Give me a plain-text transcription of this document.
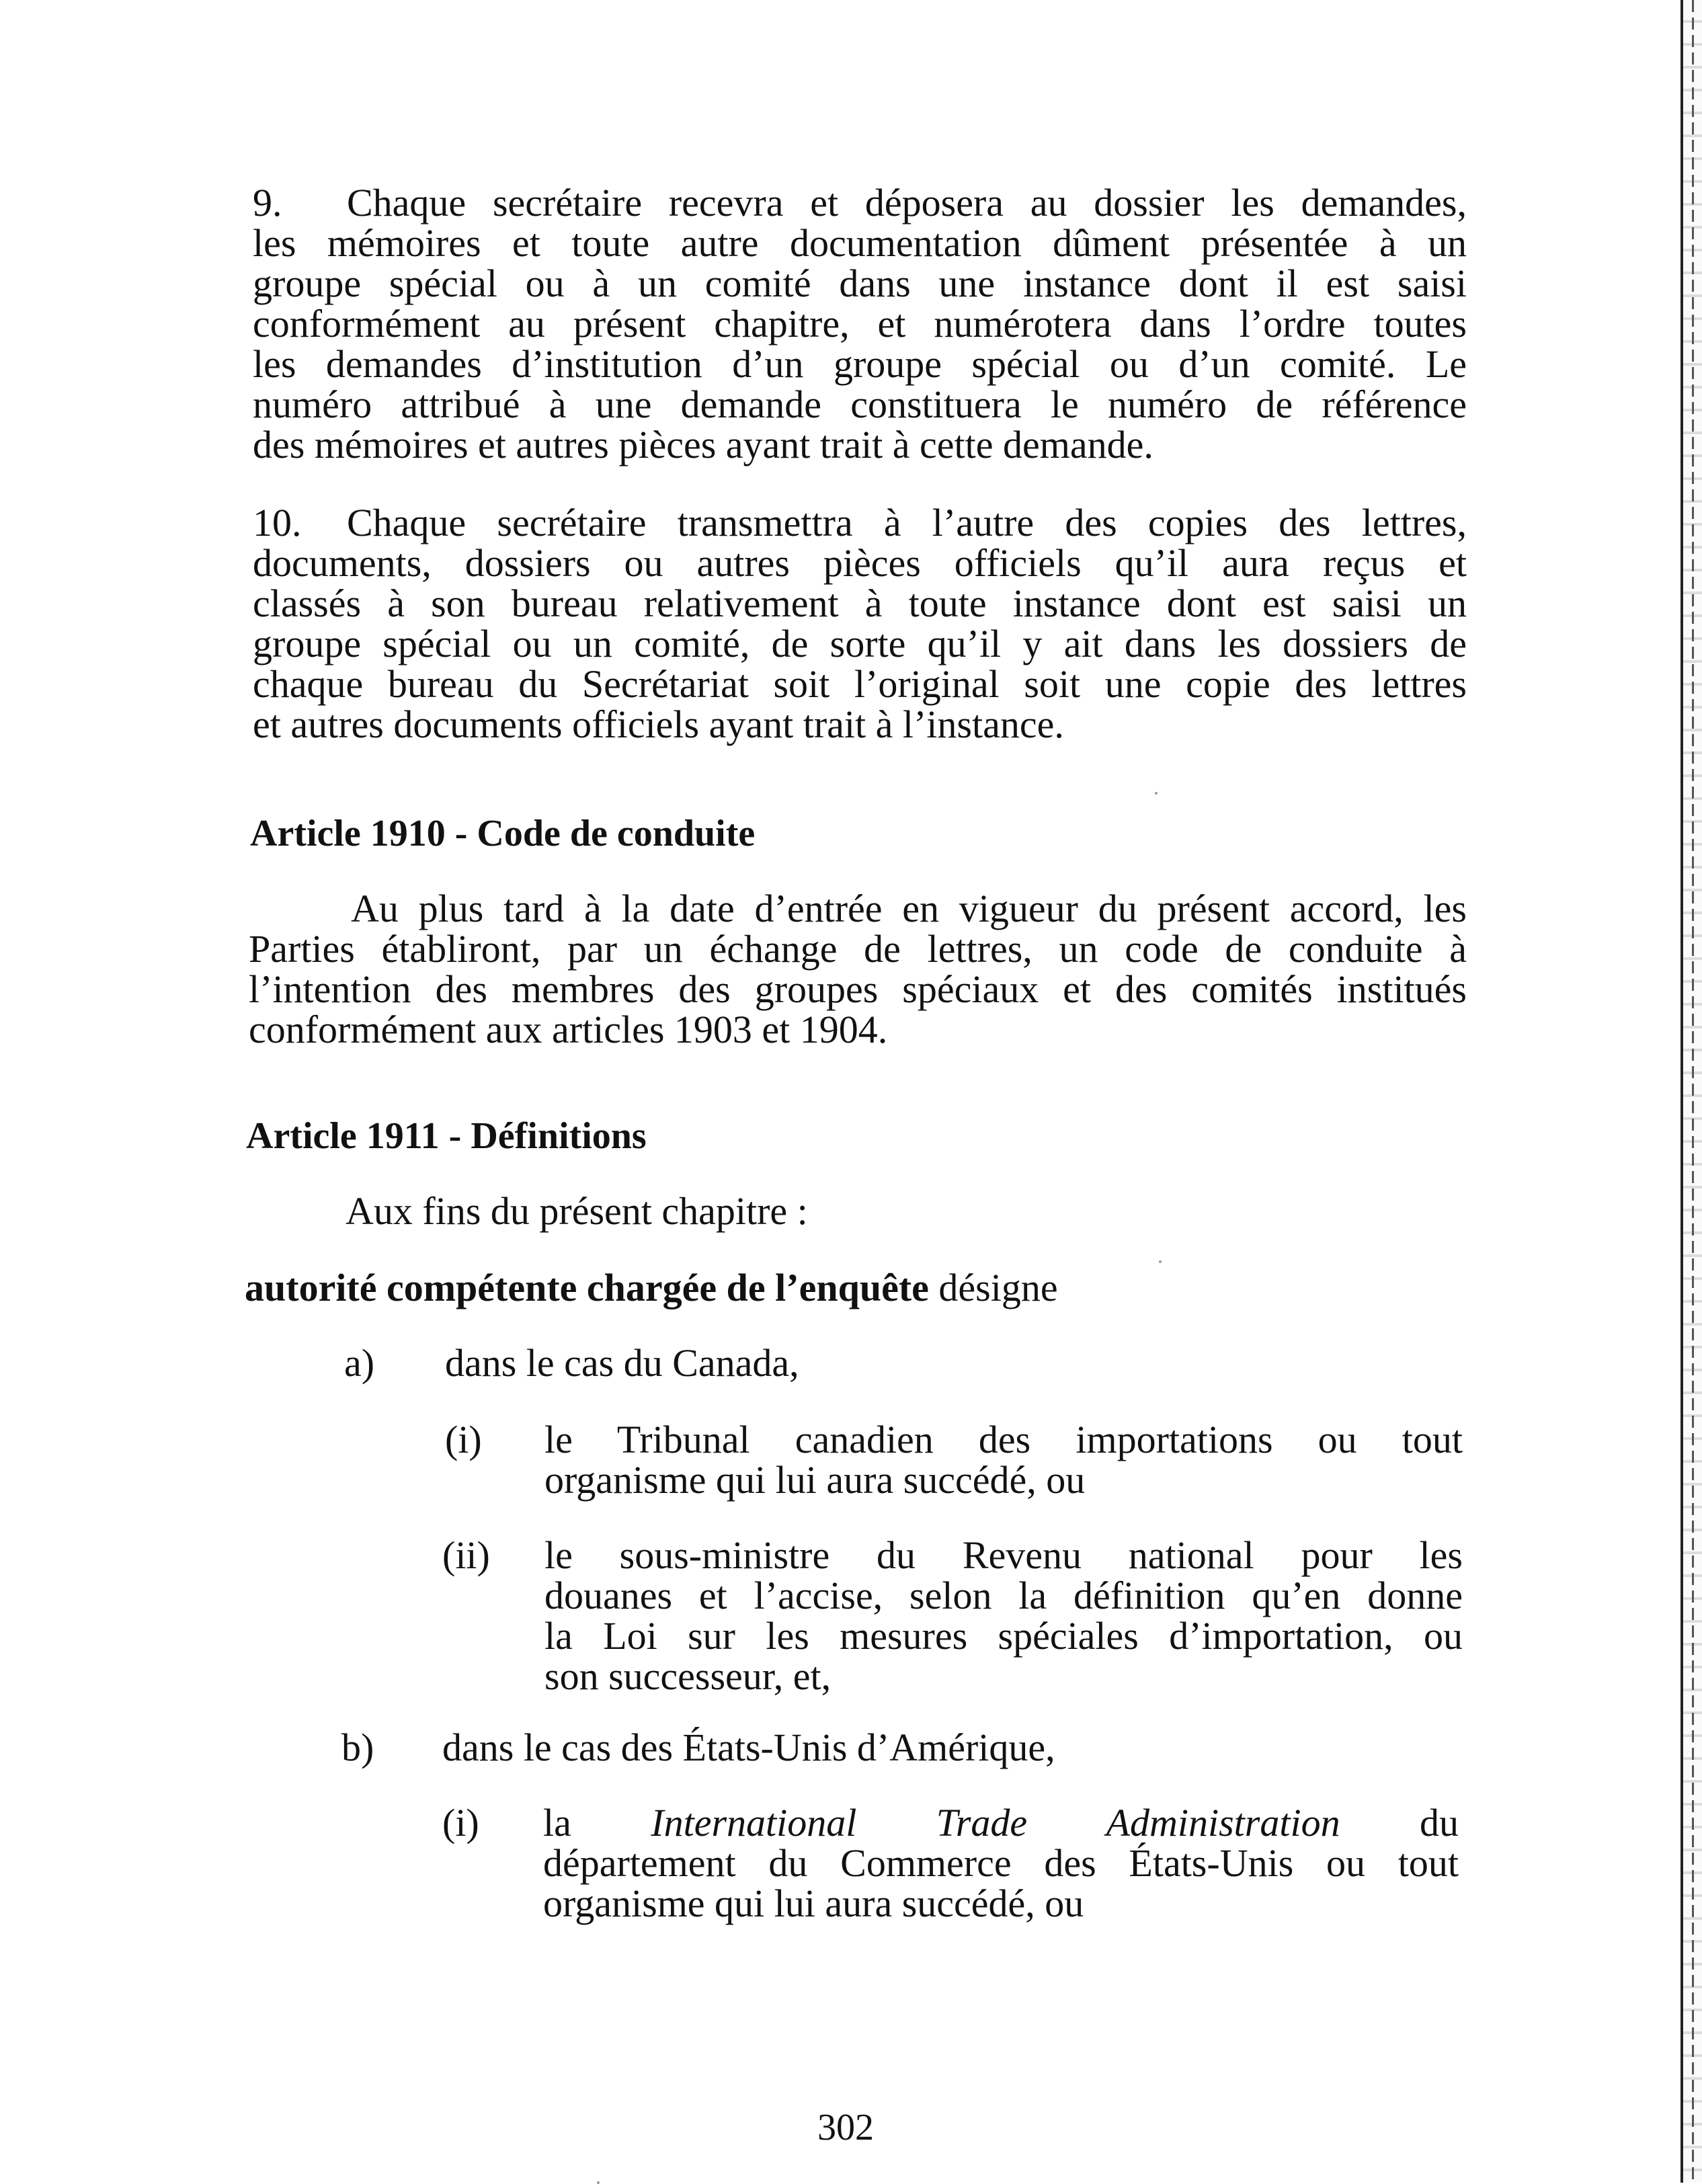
9. Chaque secrétaire recevra et déposera au dossier les demandes,
les mémoires et toute autre documentation dûment présentée à un
groupe spécial ou à un comité dans une instance dont il est saisi
conformément au présent chapitre, et numérotera dans l’ordre toutes
les demandes d’institution d’un groupe spécial ou d’un comité. Le
numéro attribué à une demande constituera le numéro de référence
des mémoires et autres pièces ayant trait à cette demande.
10. Chaque secrétaire transmettra à l’autre des copies des lettres,
documents, dossiers ou autres pièces officiels qu’il aura reçus et
classés à son bureau relativement à toute instance dont est saisi un
groupe spécial ou un comité, de sorte qu’il y ait dans les dossiers de
chaque bureau du Secrétariat soit l’original soit une copie des lettres
et autres documents officiels ayant trait à l’instance.
Article 1910 - Code de conduite
Au plus tard à la date d’entrée en vigueur du présent accord, les
Parties établiront, par un échange de lettres, un code de conduite à
l’intention des membres des groupes spéciaux et des comités institués
conformément aux articles 1903 et 1904.
Article 1911 - Définitions
Aux fins du présent chapitre :
autorité compétente chargée de l’enquête désigne
a) dans le cas du Canada,
(i) le Tribunal canadien des importations ou tout
organisme qui lui aura succédé, ou
(ii) le sous-ministre du Revenu national pour les
douanes et l’accise, selon la définition qu’en donne
la Loi sur les mesures spéciales d’importation, ou
son successeur, et,
b) dans le cas des États-Unis d’Amérique,
(i) la International Trade Administration du
département du Commerce des États-Unis ou tout
organisme qui lui aura succédé, ou
302
